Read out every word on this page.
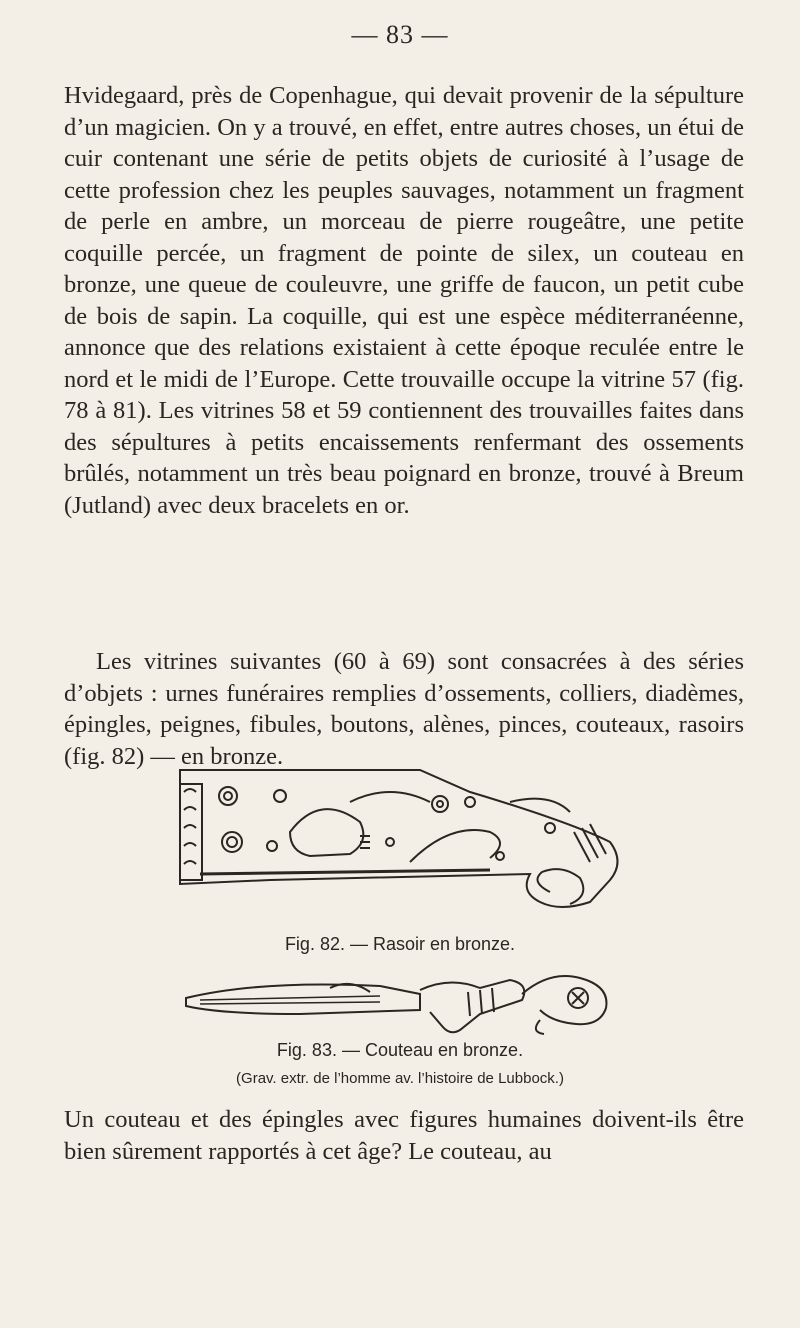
— 83 —

Hvidegaard, près de Copenhague, qui devait provenir de la sépulture d’un magicien. On y a trouvé, en effet, entre autres choses, un étui de cuir contenant une série de petits objets de curiosité à l’usage de cette profession chez les peuples sauvages, notamment un fragment de perle en ambre, un morceau de pierre rougeâtre, une petite coquille percée, un fragment de pointe de silex, un couteau en bronze, une queue de couleuvre, une griffe de faucon, un petit cube de bois de sapin. La coquille, qui est une espèce méditerranéenne, annonce que des relations existaient à cette époque reculée entre le nord et le midi de l’Europe. Cette trouvaille occupe la vitrine 57 (fig. 78 à 81). Les vitrines 58 et 59 contiennent des trouvailles faites dans des sépultures à petits encaissements renfermant des ossements brûlés, notamment un très beau poignard en bronze, trouvé à Breum (Jutland) avec deux bracelets en or.

Les vitrines suivantes (60 à 69) sont consacrées à des séries d’objets : urnes funéraires remplies d’ossements, colliers, diadèmes, épingles, peignes, fibules, boutons, alènes, pinces, couteaux, rasoirs (fig. 82) — en bronze.

Fig. 82. — Rasoir en bronze.
Fig. 83. — Couteau en bronze.
(Grav. extr. de l’homme av. l’histoire de Lubbock.)

Un couteau et des épingles avec figures humaines doivent-ils être bien sûrement rapportés à cet âge? Le couteau, au
